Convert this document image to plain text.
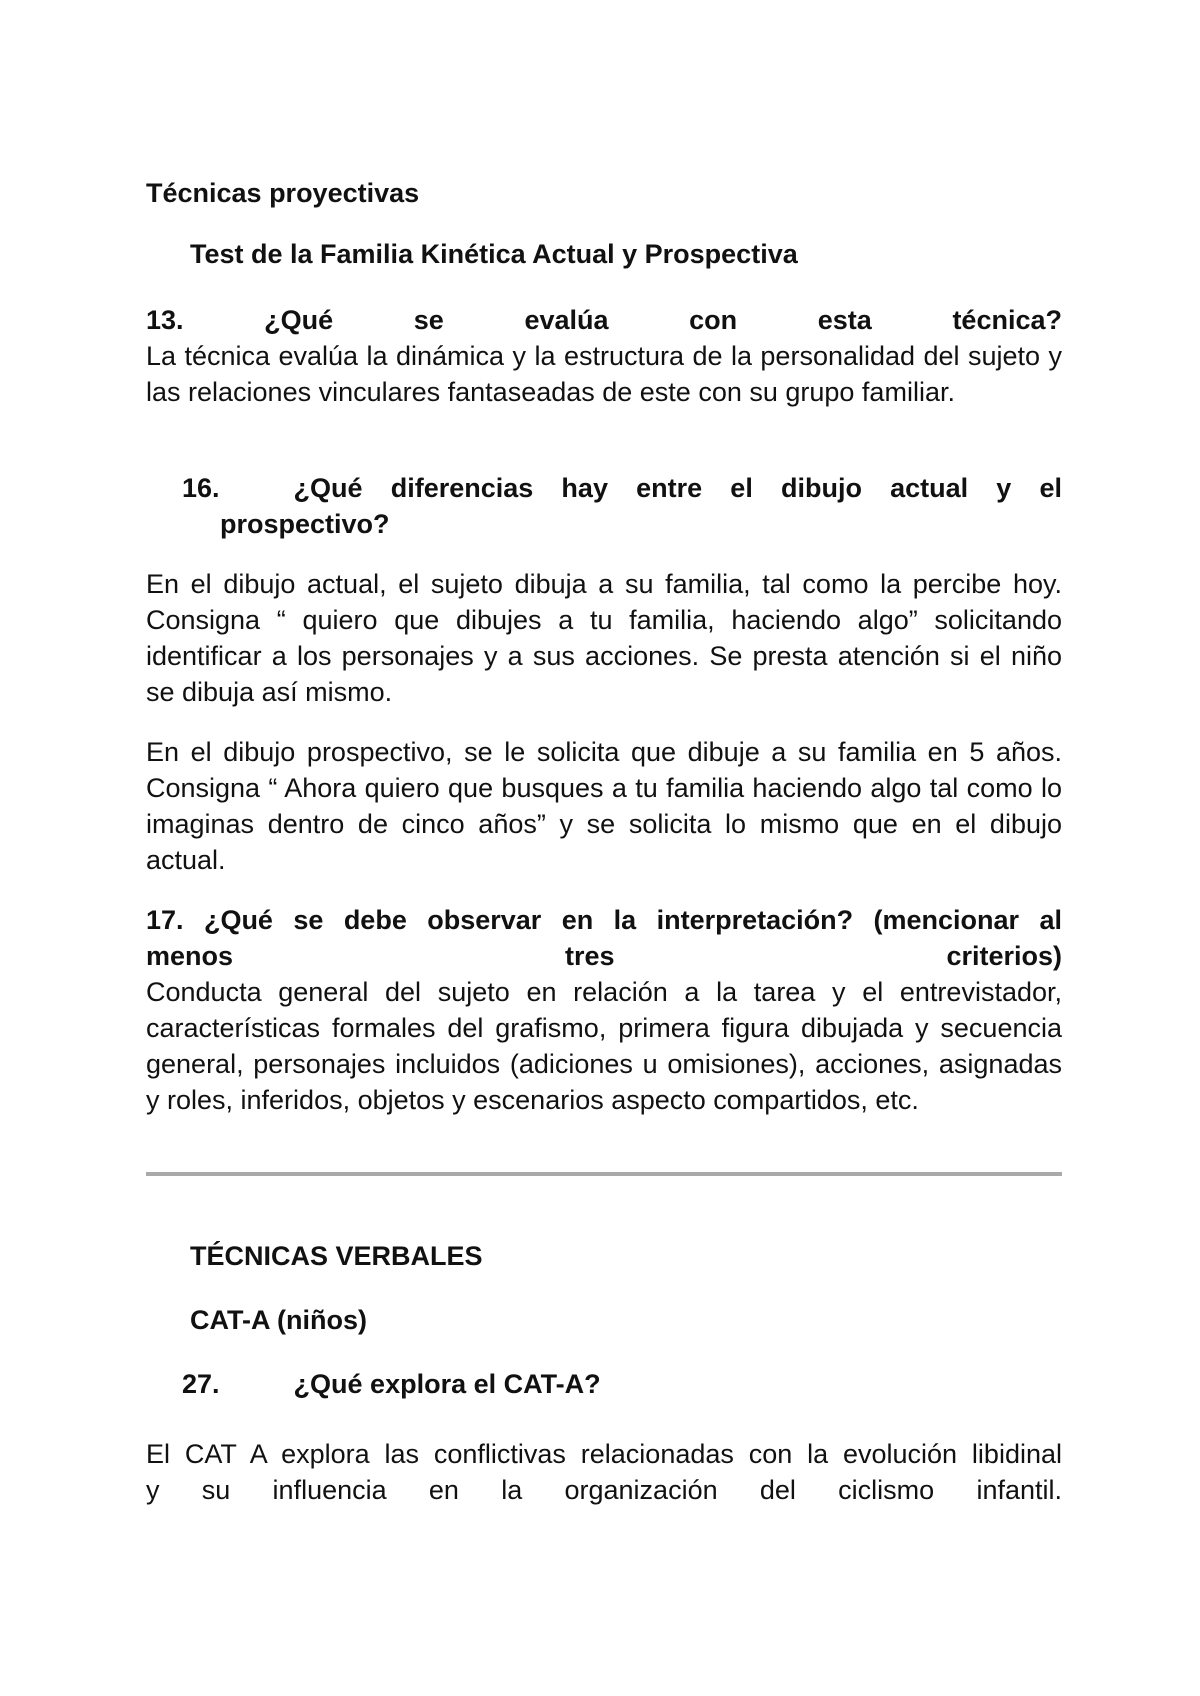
Técnicas proyectivas

Test de la Familia Kinética Actual y Prospectiva

13. ¿Qué se evalúa con esta técnica?

La técnica evalúa la dinámica y la estructura de la personalidad del sujeto y las relaciones vinculares fantaseadas de este con su grupo familiar.

16.	¿Qué diferencias hay entre el dibujo actual y el
prospectivo?

En el dibujo actual, el sujeto dibuja a su familia, tal como la percibe hoy. Consigna “ quiero que dibujes a tu familia, haciendo algo” solicitando identificar a los personajes y a sus acciones. Se presta atención si el niño se dibuja así mismo.

En el dibujo prospectivo, se le solicita que dibuje a su familia en 5 años. Consigna “ Ahora quiero que busques a tu familia haciendo algo tal como lo imaginas dentro de cinco años” y se solicita lo mismo que en el dibujo actual.

17. ¿Qué se debe observar en la interpretación? (mencionar al

menos tres criterios)

Conducta general del sujeto en relación a la tarea y el entrevistador, características formales del grafismo, primera figura dibujada y secuencia general, personajes incluidos (adiciones u omisiones), acciones, asignadas y roles, inferidos, objetos y escenarios aspecto compartidos, etc.

TÉCNICAS VERBALES

CAT-A (niños)

27.	¿Qué explora el CAT-A?

El CAT A explora las conflictivas relacionadas con la evolución libidinal

y su influencia en la organización del ciclismo infantil.
